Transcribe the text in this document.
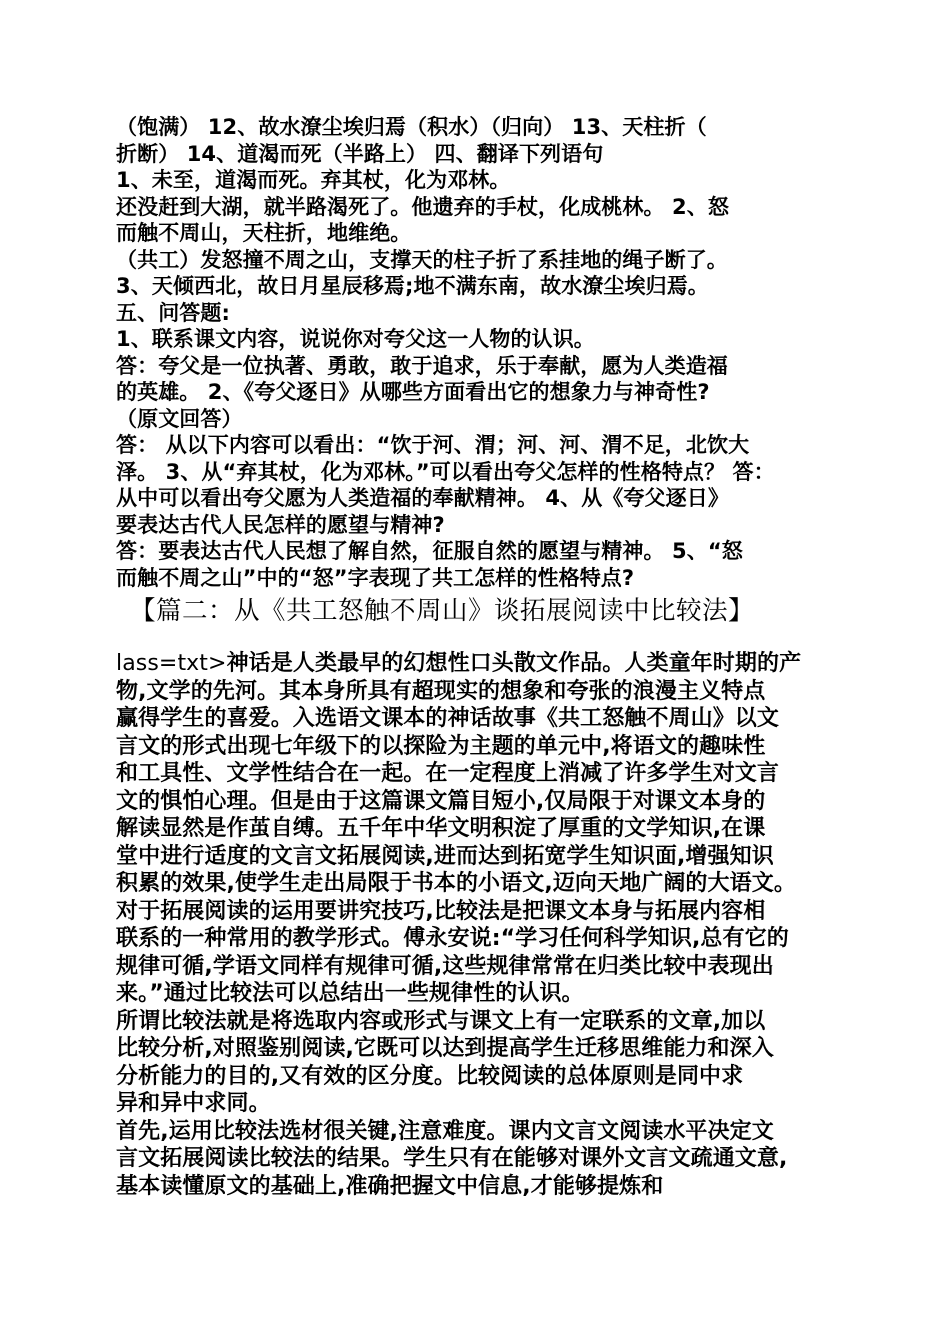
（饱满） 12、故水潦尘埃归焉（积水）（归向） 13、天柱折（

折断） 14、道渴而死（半路上） 四、翻译下列语句

1、未至，道渴而死。弃其杖，化为邓林。

还没赶到大湖，就半路渴死了。他遗弃的手杖，化成桃林。 2、怒

而触不周山，天柱折，地维绝。

（共工）发怒撞不周之山，支撑天的柱子折了系挂地的绳子断了。

3、天倾西北，故日月星辰移焉;地不满东南，故水潦尘埃归焉。

五、问答题:

1、联系课文内容，说说你对夸父这一人物的认识。

答：夸父是一位执著、勇敢，敢于追求，乐于奉献，愿为人类造福

的英雄。 2、《夸父逐日》从哪些方面看出它的想象力与神奇性?

（原文回答）

答： 从以下内容可以看出：“饮于河、渭；河、河、渭不足，北饮大

泽。 3、从“弃其杖，化为邓林。”可以看出夸父怎样的性格特点？ 答：

从中可以看出夸父愿为人类造福的奉献精神。 4、从《夸父逐日》

要表达古代人民怎样的愿望与精神?

答：要表达古代人民想了解自然，征服自然的愿望与精神。 5、“怒

而触不周之山”中的“怒”字表现了共工怎样的性格特点?

【篇二：从《共工怒触不周山》谈拓展阅读中比较法】

lass=txt>神话是人类最早的幻想性口头散文作品。人类童年时期的产

物,文学的先河。其本身所具有超现实的想象和夸张的浪漫主义特点

赢得学生的喜爱。入选语文课本的神话故事《共工怒触不周山》以文

言文的形式出现七年级下的以探险为主题的单元中,将语文的趣味性

和工具性、文学性结合在一起。在一定程度上消减了许多学生对文言

文的惧怕心理。但是由于这篇课文篇目短小,仅局限于对课文本身的

解读显然是作茧自缚。五千年中华文明积淀了厚重的文学知识,在课

堂中进行适度的文言文拓展阅读,进而达到拓宽学生知识面,增强知识

积累的效果,使学生走出局限于书本的小语文,迈向天地广阔的大语文。

对于拓展阅读的运用要讲究技巧,比较法是把课文本身与拓展内容相

联系的一种常用的教学形式。傅永安说:“学习任何科学知识,总有它的

规律可循,学语文同样有规律可循,这些规律常常在归类比较中表现出

来。”通过比较法可以总结出一些规律性的认识。

所谓比较法就是将选取内容或形式与课文上有一定联系的文章,加以

比较分析,对照鉴别阅读,它既可以达到提高学生迁移思维能力和深入

分析能力的目的,又有效的区分度。比较阅读的总体原则是同中求

异和异中求同。

首先,运用比较法选材很关键,注意难度。课内文言文阅读水平决定文

言文拓展阅读比较法的结果。学生只有在能够对课外文言文疏通文意,

基本读懂原文的基础上,准确把握文中信息,才能够提炼和
